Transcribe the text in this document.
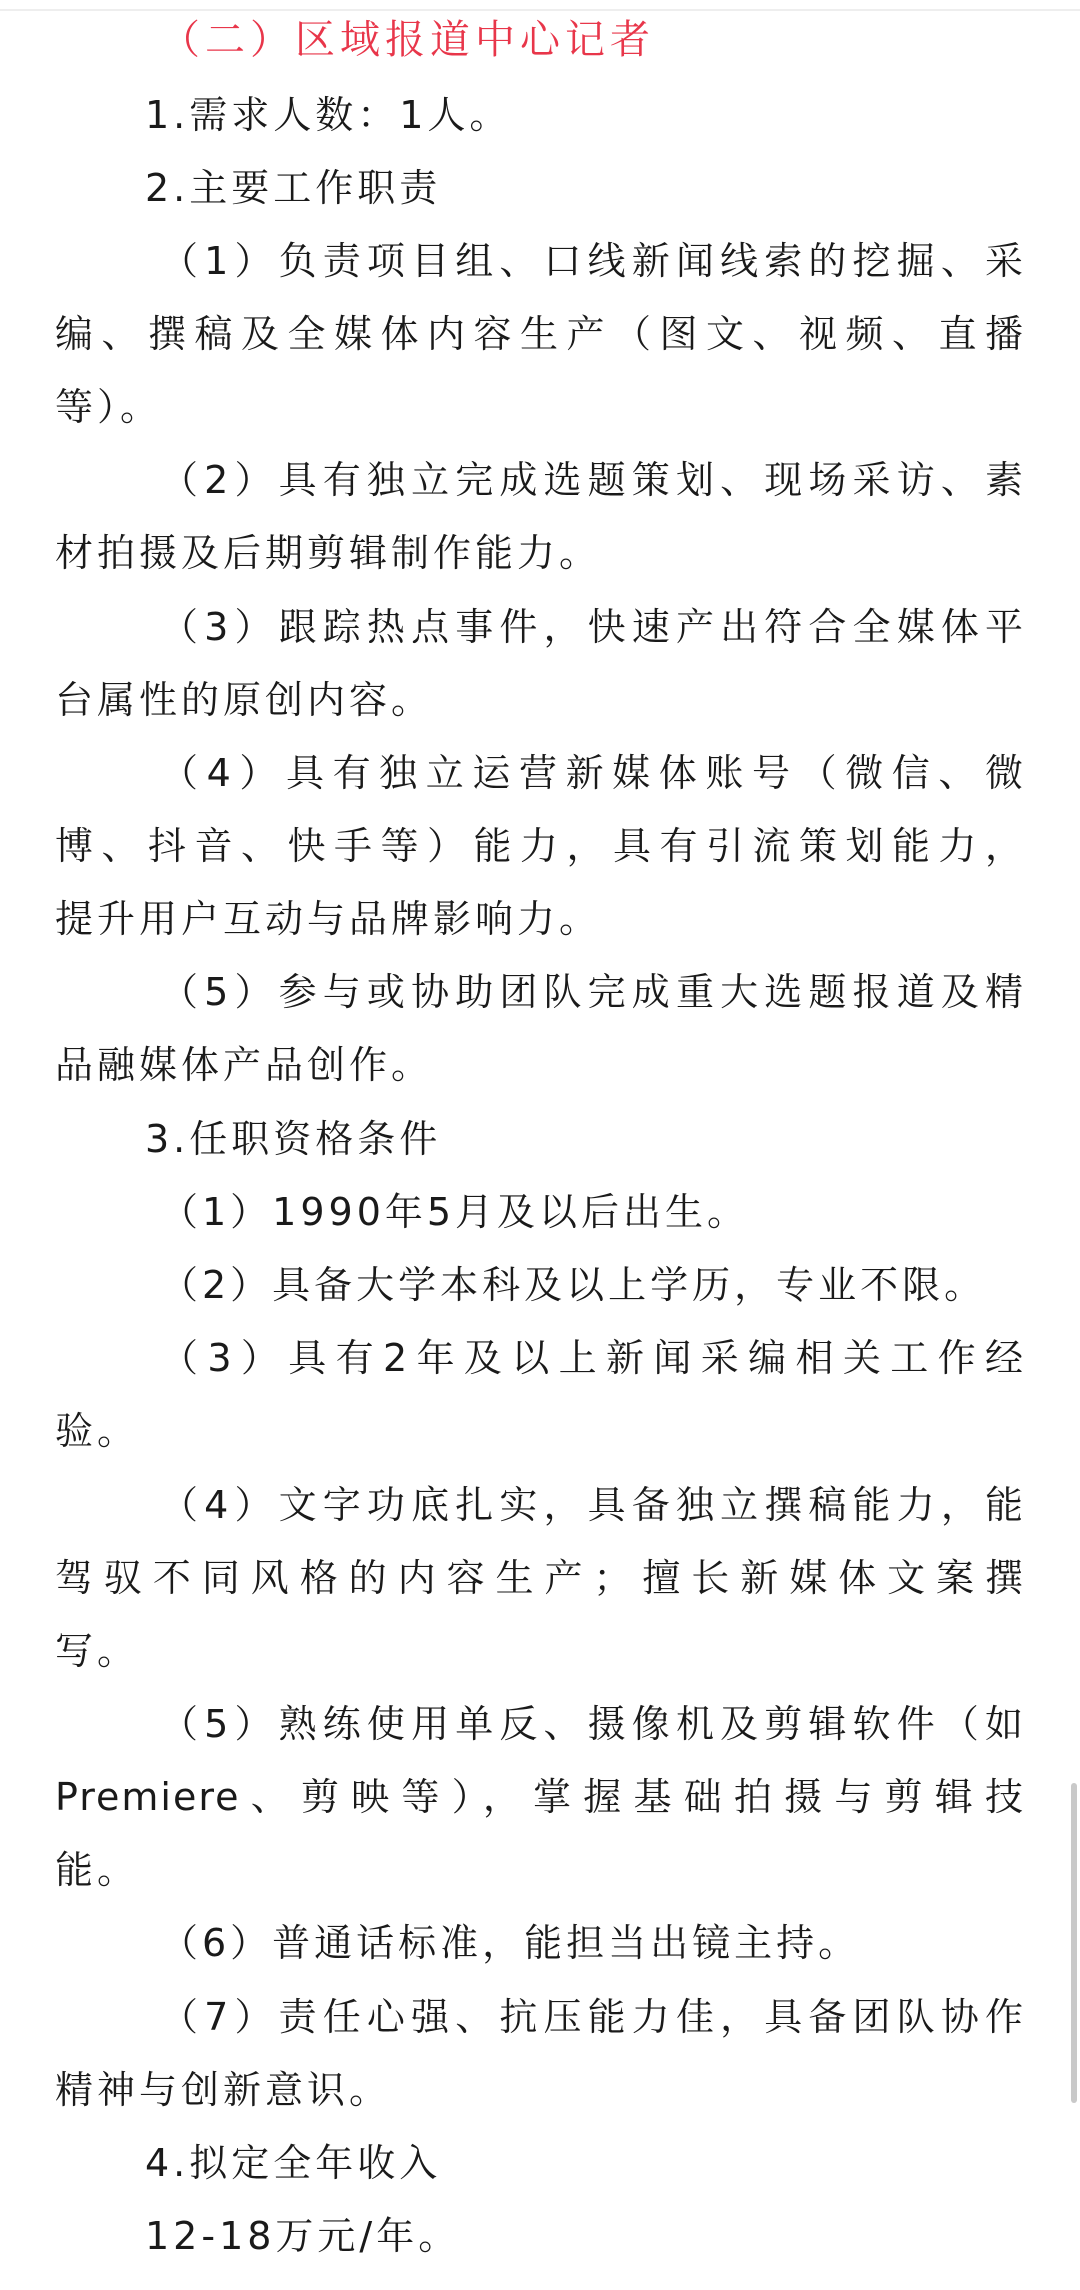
（二）区域报道中心记者
1.需求人数：1人。
2.主要工作职责
（1）负责项目组、口线新闻线索的挖掘、采
编、撰稿及全媒体内容生产（图文、视频、直播
等）。
（2）具有独立完成选题策划、现场采访、素
材拍摄及后期剪辑制作能力。
（3）跟踪热点事件，快速产出符合全媒体平
台属性的原创内容。
（4）具有独立运营新媒体账号（微信、微
博、抖音、快手等）能力，具有引流策划能力，
提升用户互动与品牌影响力。
（5）参与或协助团队完成重大选题报道及精
品融媒体产品创作。
3.任职资格条件
（1）1990年5月及以后出生。
（2）具备大学本科及以上学历，专业不限。
（3）具有2年及以上新闻采编相关工作经
验。
（4）文字功底扎实，具备独立撰稿能力，能
驾驭不同风格的内容生产；擅长新媒体文案撰
写。
（5）熟练使用单反、摄像机及剪辑软件（如
Premiere、剪映等），掌握基础拍摄与剪辑技
能。
（6）普通话标准，能担当出镜主持。
（7）责任心强、抗压能力佳，具备团队协作
精神与创新意识。
4.拟定全年收入
12-18万元/年。
